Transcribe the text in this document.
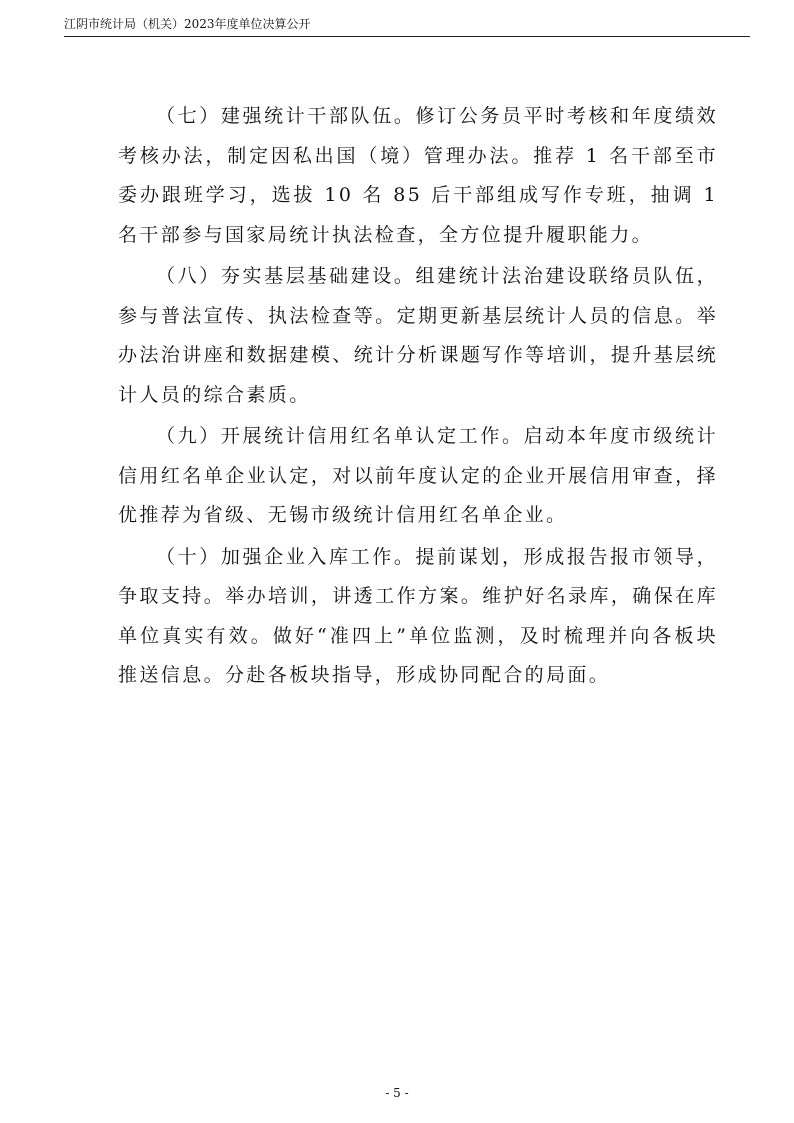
江阴市统计局（机关）2023年度单位决算公开

（七）建强统计干部队伍。修订公务员平时考核和年度绩效考核办法，制定因私出国（境）管理办法。推荐 1 名干部至市委办跟班学习，选拔 10 名 85 后干部组成写作专班，抽调 1 名干部参与国家局统计执法检查，全方位提升履职能力。

（八）夯实基层基础建设。组建统计法治建设联络员队伍，参与普法宣传、执法检查等。定期更新基层统计人员的信息。举办法治讲座和数据建模、统计分析课题写作等培训，提升基层统计人员的综合素质。

（九）开展统计信用红名单认定工作。启动本年度市级统计信用红名单企业认定，对以前年度认定的企业开展信用审查，择优推荐为省级、无锡市级统计信用红名单企业。

（十）加强企业入库工作。提前谋划，形成报告报市领导，争取支持。举办培训，讲透工作方案。维护好名录库，确保在库单位真实有效。做好“准四上”单位监测，及时梳理并向各板块推送信息。分赴各板块指导，形成协同配合的局面。

- 5 -
